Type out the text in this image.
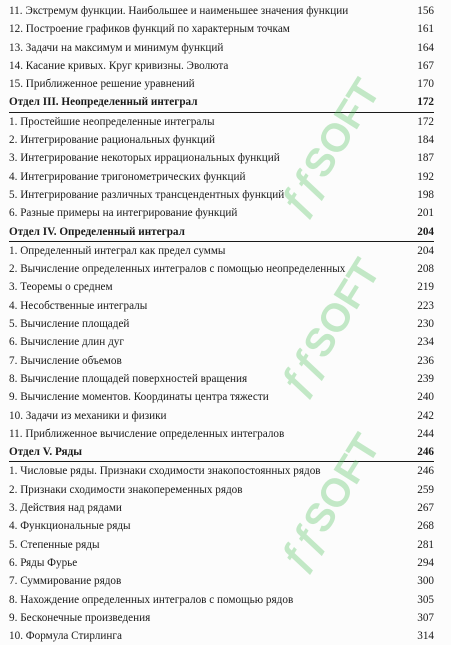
11. Экстремум функции. Наибольшее и наименьшее значения функции	156
12. Построение графиков функций по характерным точкам	161
13. Задачи на максимум и минимум функций	164
14. Касание кривых. Круг кривизны. Эволюта	167
15. Приближенное решение уравнений	170
Отдел III. Неопределенный интеграл	172
1. Простейшие неопределенные интегралы	172
2. Интегрирование рациональных функций	184
3. Интегрирование некоторых иррациональных функций	187
4. Интегрирование тригонометрических функций	192
5. Интегрирование различных трансцендентных функций	198
6. Разные примеры на интегрирование функций	201
Отдел IV. Определенный интеграл	204
1. Определенный интеграл как предел суммы	204
2. Вычисление определенных интегралов с помощью неопределенных	208
3. Теоремы о среднем	219
4. Несобственные интегралы	223
5. Вычисление площадей	230
6. Вычисление длин дуг	234
7. Вычисление объемов	236
8. Вычисление площадей поверхностей вращения	239
9. Вычисление моментов. Координаты центра тяжести	240
10. Задачи из механики и физики	242
11. Приближенное вычисление определенных интегралов	244
Отдел V. Ряды	246
1. Числовые ряды. Признаки сходимости знакопостоянных рядов	246
2. Признаки сходимости знакопеременных рядов	259
3. Действия над рядами	267
4. Функциональные ряды	268
5. Степенные ряды	281
6. Ряды Фурье	294
7. Суммирование рядов	300
8. Нахождение определенных интегралов с помощью рядов	305
9. Бесконечные произведения	307
10. Формула Стирлинга	314
ƒƒSOFT
ƒƒSOFT
ƒƒSOFT
